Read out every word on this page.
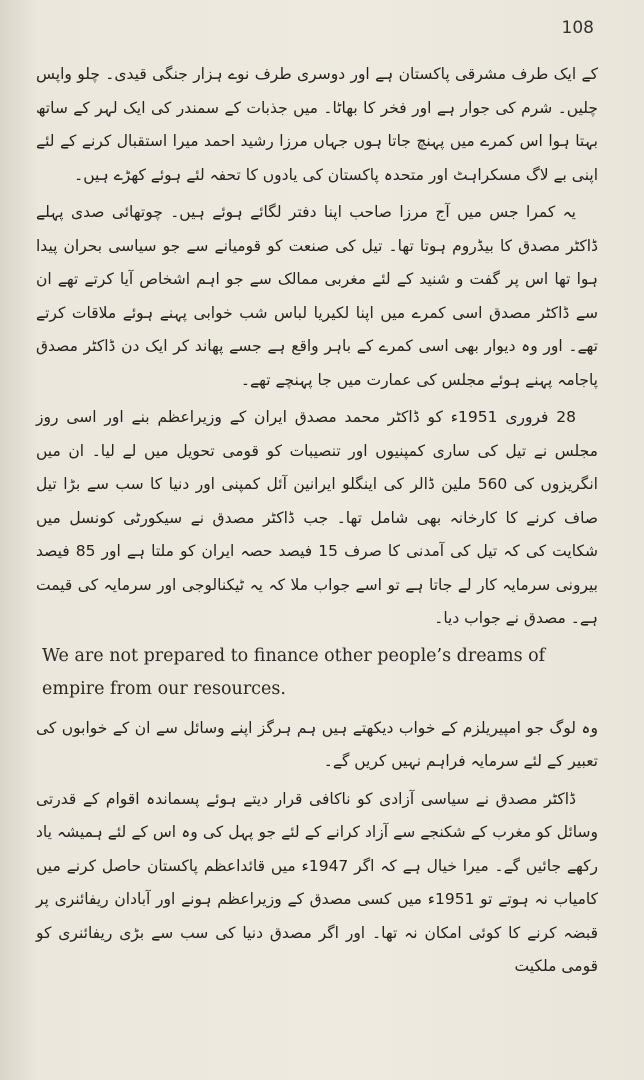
108

کے ایک طرف مشرقی پاکستان ہے اور دوسری طرف نوے ہزار جنگی قیدی۔ چلو واپس چلیں۔ شرم کی جوار ہے اور فخر کا بھاٹا۔ میں جذبات کے سمندر کی ایک لہر کے ساتھ بہتا ہوا اس کمرے میں پہنچ جاتا ہوں جہاں مرزا رشید احمد میرا استقبال کرنے کے لئے اپنی بے لاگ مسکراہٹ اور متحدہ پاکستان کی یادوں کا تحفہ لئے ہوئے کھڑے ہیں۔

یہ کمرا جس میں آج مرزا صاحب اپنا دفتر لگائے ہوئے ہیں۔ چوتھائی صدی پہلے ڈاکٹر مصدق کا بیڈروم ہوتا تھا۔ تیل کی صنعت کو قومیانے سے جو سیاسی بحران پیدا ہوا تھا اس پر گفت و شنید کے لئے مغربی ممالک سے جو اہم اشخاص آیا کرتے تھے ان سے ڈاکٹر مصدق اسی کمرے میں اپنا لکیریا لباس شب خوابی پہنے ہوئے ملاقات کرتے تھے۔ اور وہ دیوار بھی اسی کمرے کے باہر واقع ہے جسے پھاند کر ایک دن ڈاکٹر مصدق پاجامہ پہنے ہوئے مجلس کی عمارت میں جا پہنچے تھے۔

28 فروری 1951ء کو ڈاکٹر محمد مصدق ایران کے وزیراعظم بنے اور اسی روز مجلس نے تیل کی ساری کمپنیوں اور تنصیبات کو قومی تحویل میں لے لیا۔ ان میں انگریزوں کی 560 ملین ڈالر کی اینگلو ایرانین آئل کمپنی اور دنیا کا سب سے بڑا تیل صاف کرنے کا کارخانہ بھی شامل تھا۔ جب ڈاکٹر مصدق نے سیکورٹی کونسل میں شکایت کی کہ تیل کی آمدنی کا صرف 15 فیصد حصہ ایران کو ملتا ہے اور 85 فیصد بیرونی سرمایہ کار لے جاتا ہے تو اسے جواب ملا کہ یہ ٹیکنالوجی اور سرمایہ کی قیمت ہے۔ مصدق نے جواب دیا۔

We are not prepared to finance other people’s dreams of empire from our resources.

وہ لوگ جو امپیریلزم کے خواب دیکھتے ہیں ہم ہرگز اپنے وسائل سے ان کے خوابوں کی تعبیر کے لئے سرمایہ فراہم نہیں کریں گے۔

ڈاکٹر مصدق نے سیاسی آزادی کو ناکافی قرار دیتے ہوئے پسماندہ اقوام کے قدرتی وسائل کو مغرب کے شکنجے سے آزاد کرانے کے لئے جو پہل کی وہ اس کے لئے ہمیشہ یاد رکھے جائیں گے۔ میرا خیال ہے کہ اگر 1947ء میں قائداعظم پاکستان حاصل کرنے میں کامیاب نہ ہوتے تو 1951ء میں کسی مصدق کے وزیراعظم ہونے اور آبادان ریفائنری پر قبضہ کرنے کا کوئی امکان نہ تھا۔ اور اگر مصدق دنیا کی سب سے بڑی ریفائنری کو قومی ملکیت
